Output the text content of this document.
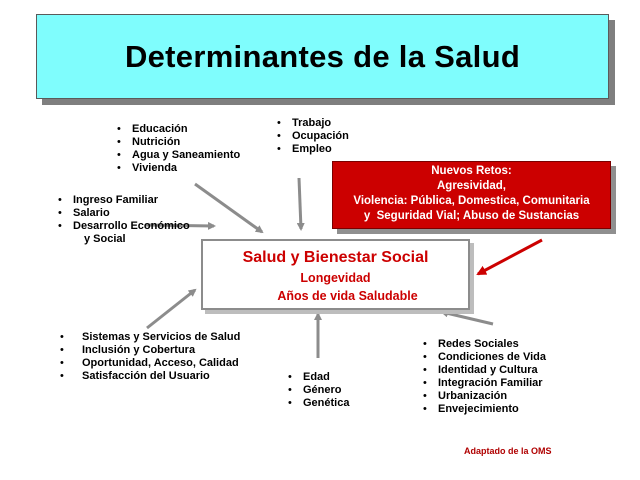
Determinantes de la Salud
• Educación
• Nutrición
• Agua y Saneamiento
• Vivienda
• Trabajo
• Ocupación
• Empleo
• Ingreso Familiar
• Salario
• Desarrollo Económico
y Social
• Sistemas y Servicios de Salud
• Inclusión y Cobertura
• Oportunidad, Acceso, Calidad
• Satisfacción del Usuario
•	Edad
• Género
• Genética
• Redes Sociales
• Condiciones de Vida
• Identidad y Cultura
• Integración Familiar
• Urbanización
• Envejecimiento
Salud y Bienestar Social
Longevidad
Años de vida Saludable
Nuevos Retos:
Agresividad,
Violencia: Pública, Domestica, Comunitaria
y  Seguridad Vial; Abuso de Sustancias
Adaptado de la OMS
